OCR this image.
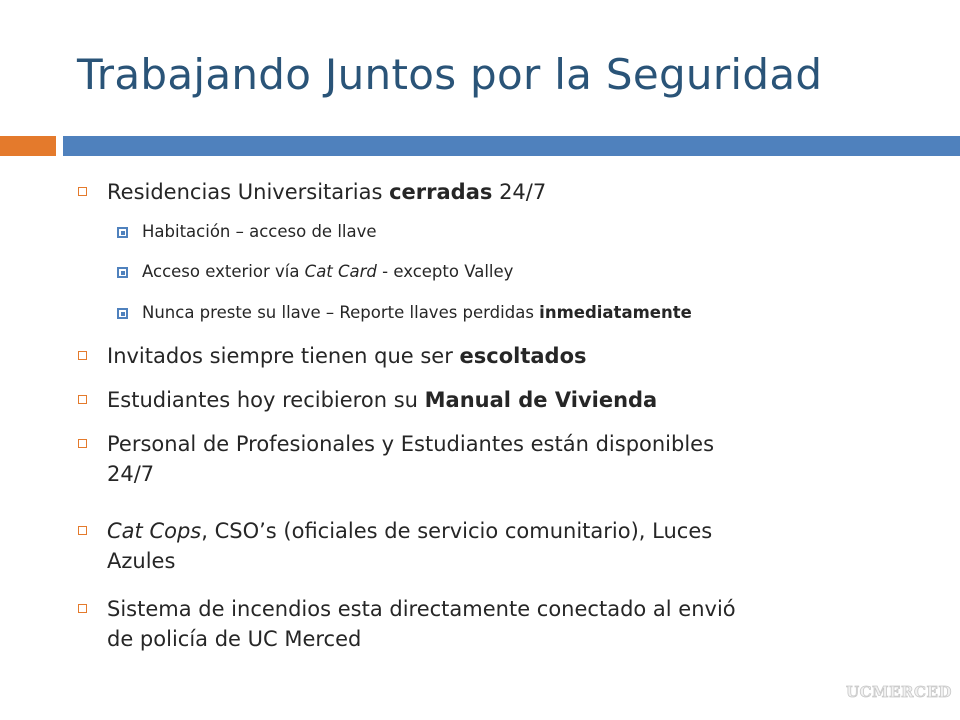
Trabajando Juntos por la Seguridad
Residencias Universitarias cerradas 24/7
Habitación – acceso de llave
Acceso exterior vía Cat Card - excepto Valley
Nunca preste su llave – Reporte llaves perdidas inmediatamente
Invitados siempre tienen que ser escoltados
Estudiantes hoy recibieron su Manual de Vivienda
Personal de Profesionales y Estudiantes están disponibles
24/7
Cat Cops, CSO’s (oficiales de servicio comunitario), Luces
Azules
Sistema de incendios esta directamente conectado al envió
de policía de UC Merced
UCMERCED
